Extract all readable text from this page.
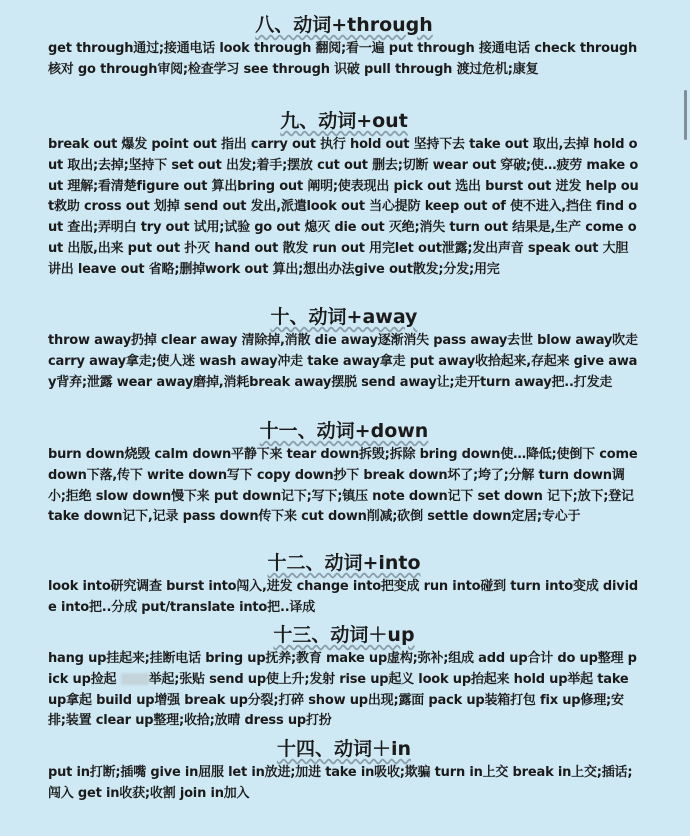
八、动词+through
get through通过;接通电话 look through 翻阅;看一遍 put through 接通电话 check through 核对 go through审阅;检查学习 see through 识破 pull through 渡过危机;康复
九、动词+out
break out 爆发 point out 指出 carry out 执行 hold out 坚持下去 take out 取出,去掉 hold out 取出;去掉;坚持下 set out 出发;着手;摆放 cut out 删去;切断 wear out 穿破;使…疲劳 make out 理解;看清楚figure out 算出bring out 阐明;使表现出 pick out 选出 burst out 迸发 help out救助 cross out 划掉 send out 发出,派遣look out 当心提防 keep out of 使不进入,挡住 find out 查出;弄明白 try out 试用;试验 go out 熄灭 die out 灭绝;消失 turn out 结果是,生产 come out 出版,出来 put out 扑灭 hand out 散发 run out 用完let out泄露;发出声音 speak out 大胆讲出 leave out 省略;删掉work out 算出;想出办法give out散发;分发;用完
十、动词+away
throw away扔掉 clear away 清除掉,消散 die away逐渐消失 pass away去世 blow away吹走 carry away拿走;使人迷 wash away冲走 take away拿走 put away收拾起来,存起来 give away背弃;泄露 wear away磨掉,消耗break away摆脱 send away让;走开turn away把..打发走
十一、动词+down
burn down烧毁 calm down平静下来 tear down拆毁;拆除 bring down使…降低;使倒下 come down下落,传下 write down写下 copy down抄下 break down坏了;垮了;分解 turn down调小;拒绝 slow down慢下来 put down记下;写下;镇压 note down记下 set down 记下;放下;登记 take down记下,记录 pass down传下来 cut down削减;砍倒 settle down定居;专心于
十二、动词+into
look into研究调查 burst into闯入,进发 change into把变成 run into碰到 turn into变成 divide into把..分成 put/translate into把..译成
十三、动词＋up
hang up挂起来;挂断电话 bring up抚养;教育 make up虚构;弥补;组成 add up合计 do up整理 pick up捡起 举起;张贴 send up使上升;发射 rise up起义 look up抬起来 hold up举起 take up拿起 build up增强 break up分裂;打碎 show up出现;露面 pack up装箱打包 fix up修理;安排;装置 clear up整理;收拾;放晴 dress up打扮
十四、动词＋in
put in打断;插嘴 give in屈服 let in放进;加进 take in吸收;欺骗 turn in上交 break in上交;插话;闯入 get in收获;收割 join in加入
